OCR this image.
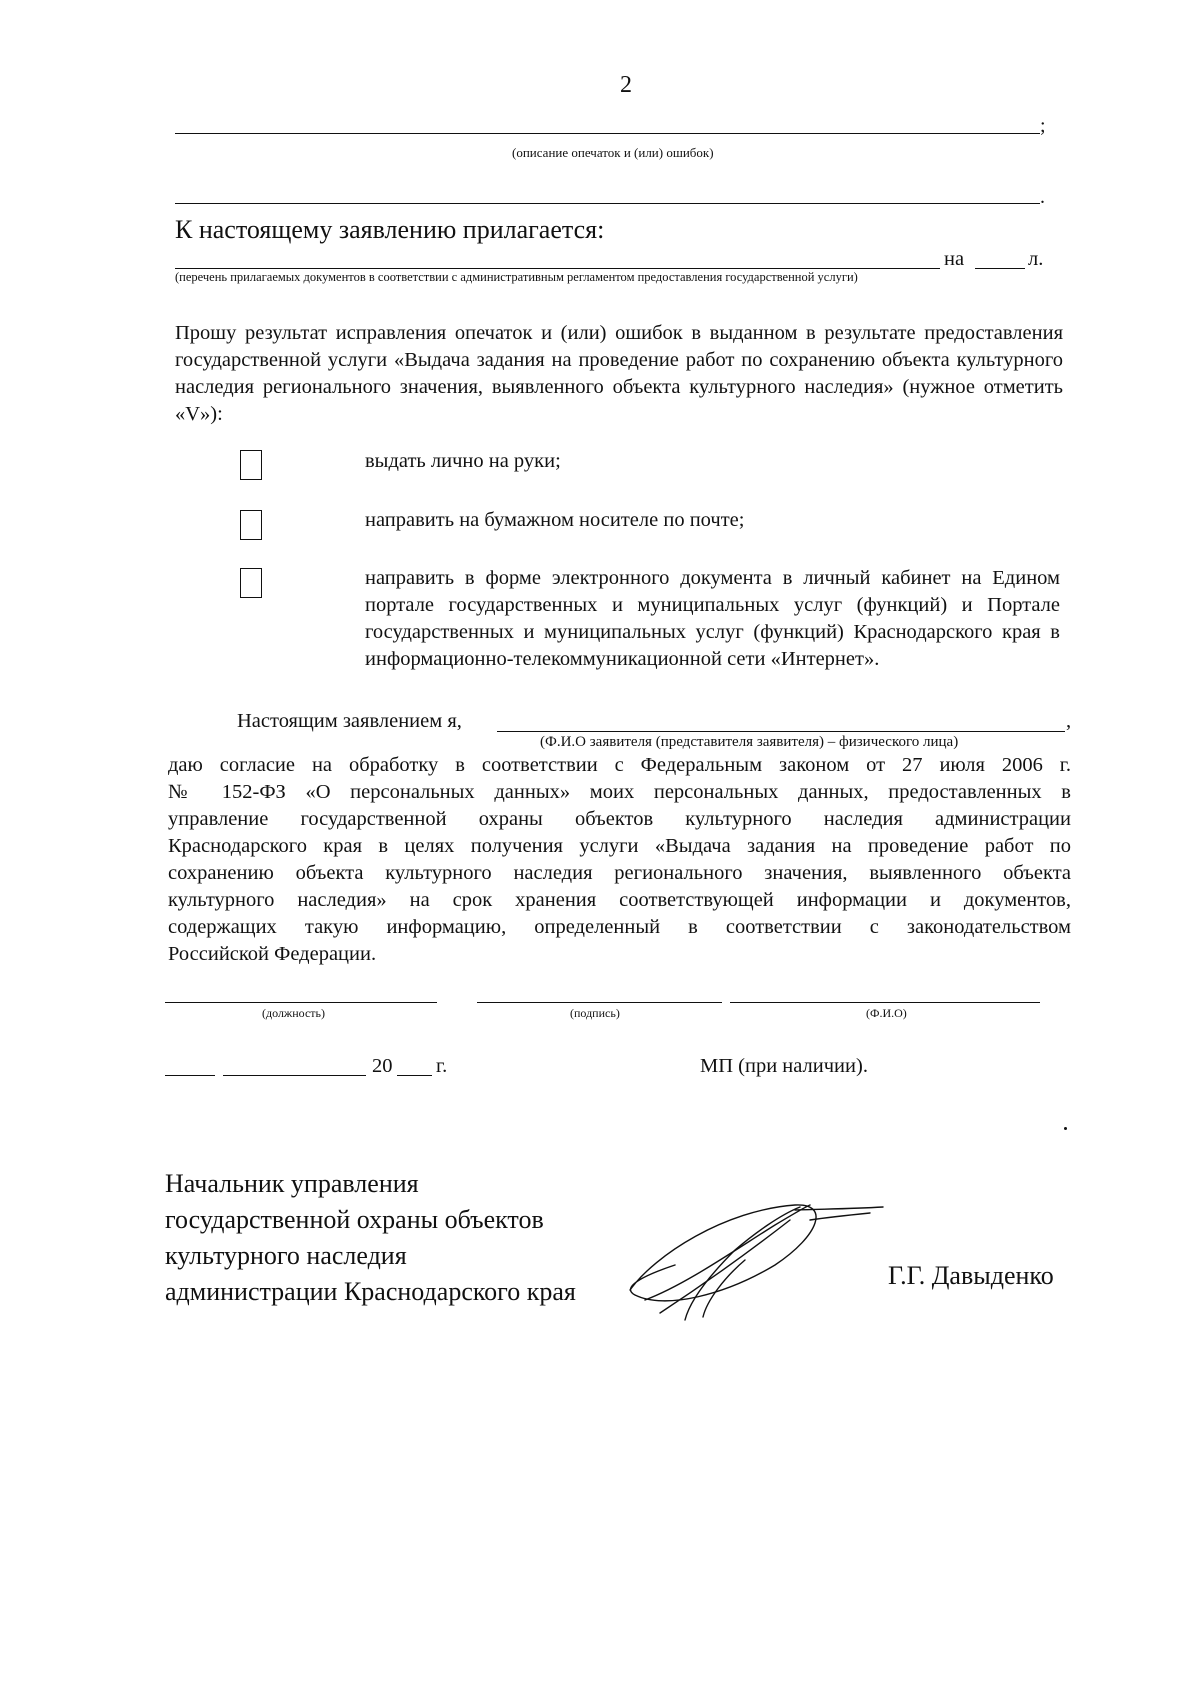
2
;
(описание опечаток и (или) ошибок)
.
К настоящему заявлению прилагается:
на	л.
(перечень прилагаемых документов в соответствии с административным регламентом предоставления государственной услуги)
Прошу результат исправления опечаток и (или) ошибок в выданном в результате предоставления
государственной услуги «Выдача задания на проведение работ по сохранению объекта культурного
наследия регионального значения, выявленного объекта культурного наследия» (нужное отметить
«V»):
выдать лично на руки;
направить на бумажном носителе по почте;
направить в форме электронного документа в личный кабинет на Едином
портале государственных и муниципальных услуг (функций) и Портале
государственных и муниципальных услуг (функций) Краснодарского края в
информационно-телекоммуникационной сети «Интернет».
Настоящим заявлением я,	,
(Ф.И.О заявителя (представителя заявителя) – физического лица)
даю согласие на обработку в соответствии с Федеральным законом от 27 июля 2006 г.
№ 152-ФЗ «О персональных данных» моих персональных данных, предоставленных в
управление государственной охраны объектов культурного наследия администрации
Краснодарского края в целях получения услуги «Выдача задания на проведение работ по
сохранению объекта культурного наследия регионального значения, выявленного объекта
культурного наследия» на срок хранения соответствующей информации и документов,
содержащих такую информацию, определенный в соответствии с законодательством
Российской Федерации.
(должность)	(подпись)	(Ф.И.О)
20 г.	МП (при наличии).
Начальник управления
государственной охраны объектов
культурного наследия
администрации Краснодарского края
Г.Г. Давыденко
